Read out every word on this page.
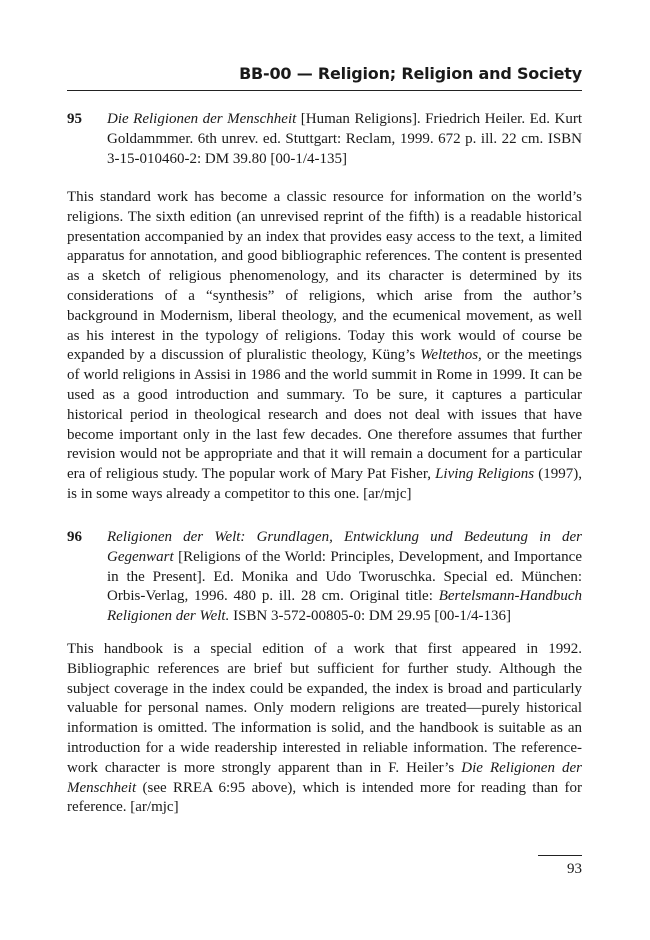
BB-00 — Religion; Religion and Society
95 Die Religionen der Menschheit [Human Religions]. Friedrich Heiler. Ed. Kurt Goldammmer. 6th unrev. ed. Stuttgart: Reclam, 1999. 672 p. ill. 22 cm. ISBN 3-15-010460-2: DM 39.80 [00-1/4-135]
This standard work has become a classic resource for information on the world’s religions. The sixth edition (an unrevised reprint of the fifth) is a readable historical presentation accompanied by an index that provides easy access to the text, a limited apparatus for annotation, and good bibliographic references. The content is presented as a sketch of religious phenomenology, and its character is determined by its considerations of a “synthesis” of religions, which arise from the author’s background in Modernism, liberal theology, and the ecumenical movement, as well as his interest in the typology of religions. Today this work would of course be expanded by a discussion of pluralistic theology, Küng’s Weltethos, or the meetings of world religions in Assisi in 1986 and the world summit in Rome in 1999. It can be used as a good introduction and summary. To be sure, it captures a particular historical period in theological research and does not deal with issues that have become important only in the last few decades. One therefore assumes that further revision would not be appropriate and that it will remain a document for a particular era of religious study. The popular work of Mary Pat Fisher, Living Religions (1997), is in some ways already a competitor to this one. [ar/mjc]
96 Religionen der Welt: Grundlagen, Entwicklung und Bedeutung in der Gegenwart [Religions of the World: Principles, Development, and Importance in the Present]. Ed. Monika and Udo Tworuschka. Special ed. München: Orbis-Verlag, 1996. 480 p. ill. 28 cm. Original title: Bertelsmann-Handbuch Religionen der Welt. ISBN 3-572-00805-0: DM 29.95 [00-1/4-136]
This handbook is a special edition of a work that first appeared in 1992. Bibliographic references are brief but sufficient for further study. Although the subject coverage in the index could be expanded, the index is broad and particularly valuable for personal names. Only modern religions are treated—purely historical information is omitted. The information is solid, and the handbook is suitable as an introduction for a wide readership interested in reliable information. The reference-work character is more strongly apparent than in F. Heiler’s Die Religionen der Menschheit (see RREA 6:95 above), which is intended more for reading than for reference. [ar/mjc]
93
